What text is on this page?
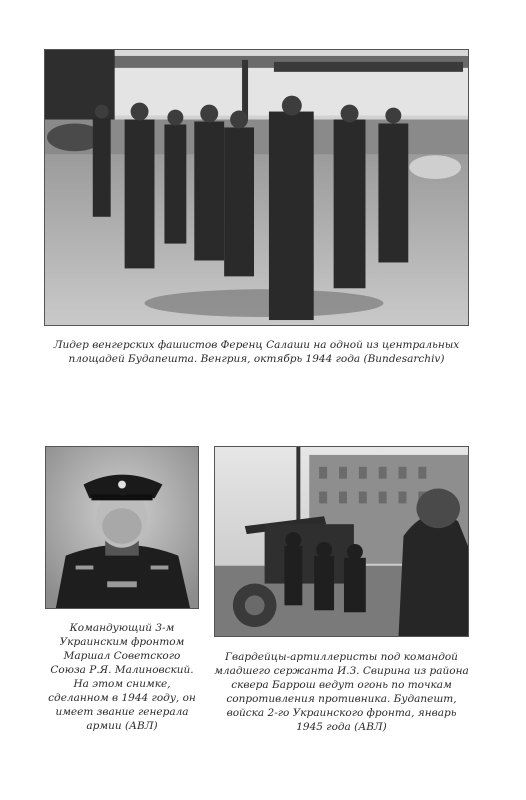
Лидер венгерских фашистов Ференц Салаши на одной из центральных
площадей Будапешта. Венгрия, октябрь 1944 года (Bundesarchiv)
Командующий 3-м
Украинским фронтом
Маршал Советского
Союза Р.Я. Малиновский.
На этом снимке,
сделанном в 1944 году, он
имеет звание генерала
армии (АВЛ)
Гвардейцы-артиллеристы под командой
младшего сержанта И.З. Свирина из района
сквера Баррош ведут огонь по точкам
сопротивления противника. Будапешт,
войска 2-го Украинского фронта, январь
1945 года (АВЛ)
